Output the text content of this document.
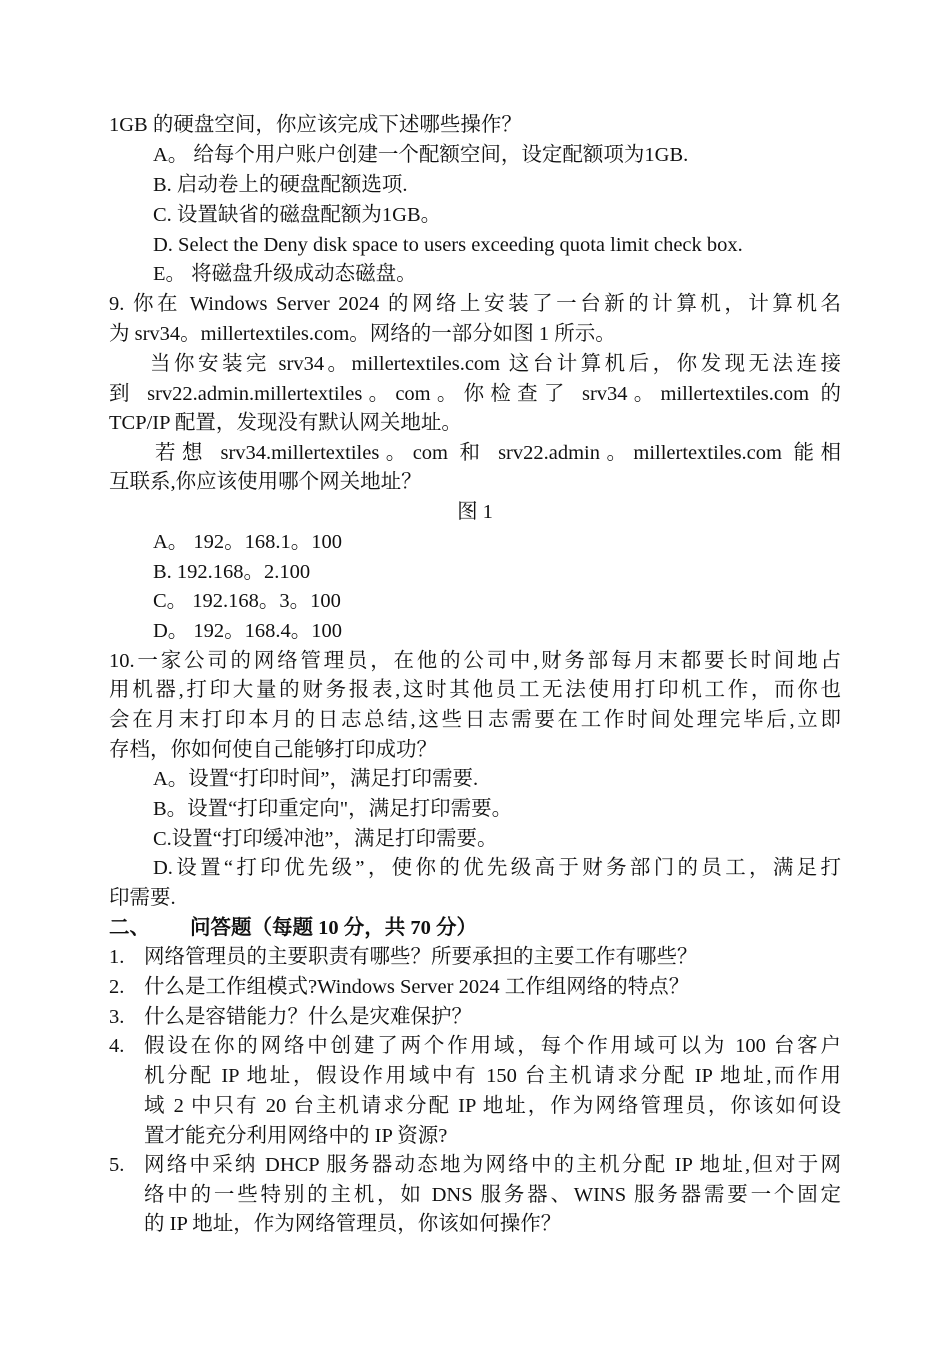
1GB 的硬盘空间，你应该完成下述哪些操作？
A。 给每个用户账户创建一个配额空间，设定配额项为1GB.
B. 启动卷上的硬盘配额选项.
C. 设置缺省的磁盘配额为1GB。
D. Select the Deny disk space to users exceeding quota limit check box.
E。 将磁盘升级成动态磁盘。
9. 你在 Windows Server 2024 的网络上安装了一台新的计算机，计算机名
为 srv34。millertextiles.com。网络的一部分如图 1 所示。
当你安装完 srv34。millertextiles.com 这台计算机后，你发现无法连接
到 srv22.admin.millertextiles。com。你检查了 srv34。millertextiles.com 的
TCP/IP 配置，发现没有默认网关地址。
若想 srv34.millertextiles。com 和 srv22.admin。millertextiles.com 能相
互联系,你应该使用哪个网关地址？
图 1
A。 192。168.1。100
B. 192.168。2.100
C。 192.168。3。100
D。 192。168.4。100
10.一家公司的网络管理员，在他的公司中,财务部每月末都要长时间地占
用机器,打印大量的财务报表,这时其他员工无法使用打印机工作，而你也
会在月末打印本月的日志总结,这些日志需要在工作时间处理完毕后,立即
存档，你如何使自己能够打印成功？
A。设置“打印时间”，满足打印需要.
B。设置“打印重定向"，满足打印需要。
C.设置“打印缓冲池”，满足打印需要。
D.设置“打印优先级”，使你的优先级高于财务部门的员工，满足打
印需要.
二、 问答题（每题 10 分，共 70 分）
1. 网络管理员的主要职责有哪些？所要承担的主要工作有哪些？
2. 什么是工作组模式?Windows Server 2024 工作组网络的特点？
3. 什么是容错能力？什么是灾难保护？
4. 假设在你的网络中创建了两个作用域，每个作用域可以为 100 台客户
机分配 IP 地址，假设作用域中有 150 台主机请求分配 IP 地址,而作用
域 2 中只有 20 台主机请求分配 IP 地址，作为网络管理员，你该如何设
置才能充分利用网络中的 IP 资源?
5. 网络中采纳 DHCP 服务器动态地为网络中的主机分配 IP 地址,但对于网
络中的一些特别的主机，如 DNS 服务器、WINS 服务器需要一个固定
的 IP 地址，作为网络管理员，你该如何操作？
